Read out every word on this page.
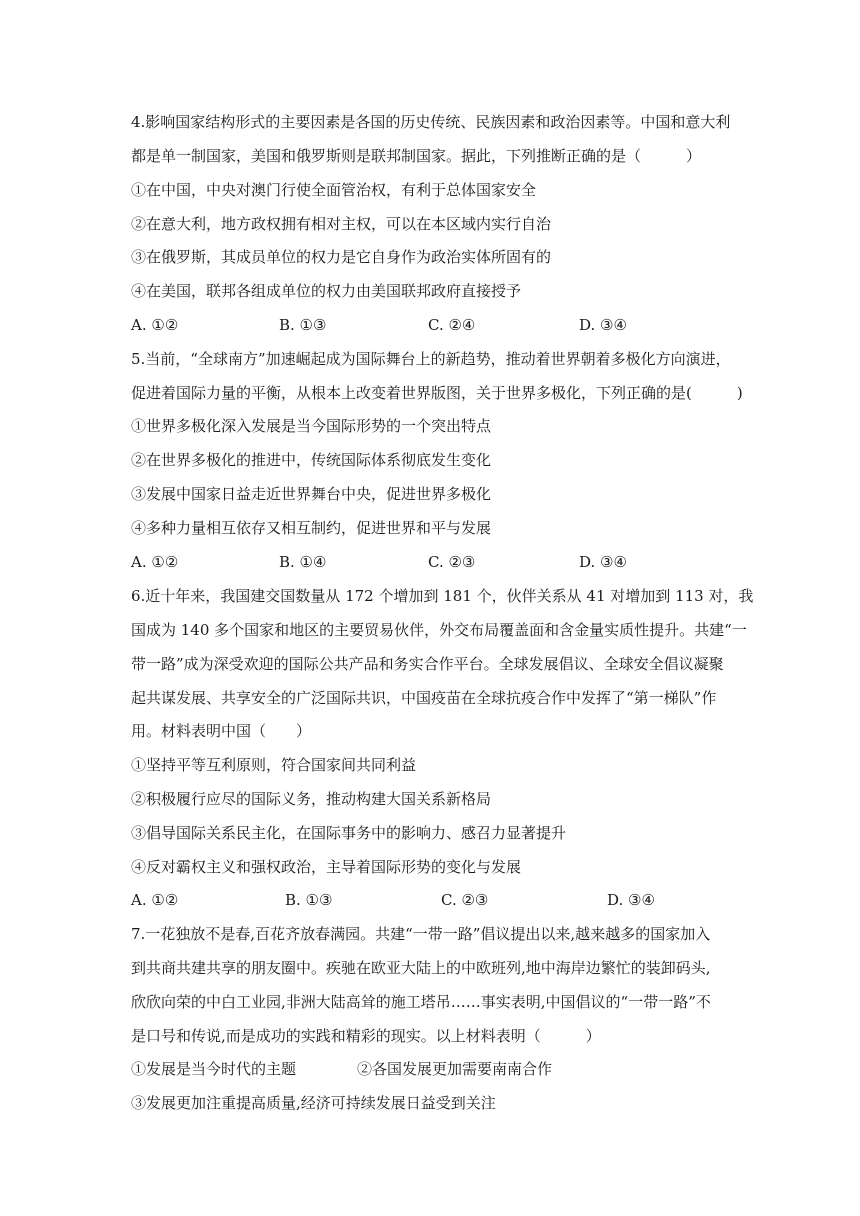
4.影响国家结构形式的主要因素是各国的历史传统、民族因素和政治因素等。中国和意大利
都是单一制国家，美国和俄罗斯则是联邦制国家。据此，下列推断正确的是（　　　）
①在中国，中央对澳门行使全面管治权，有利于总体国家安全
②在意大利，地方政权拥有相对主权，可以在本区域内实行自治
③在俄罗斯，其成员单位的权力是它自身作为政治实体所固有的
④在美国，联邦各组成单位的权力由美国联邦政府直接授予
A. ①②	B. ①③	C. ②④	D. ③④
5.当前，“全球南方”加速崛起成为国际舞台上的新趋势，推动着世界朝着多极化方向演进，
促进着国际力量的平衡，从根本上改变着世界版图，关于世界多极化，下列正确的是(　　　)
①世界多极化深入发展是当今国际形势的一个突出特点
②在世界多极化的推进中，传统国际体系彻底发生变化
③发展中国家日益走近世界舞台中央，促进世界多极化
④多种力量相互依存又相互制约，促进世界和平与发展
A. ①②	B. ①④	C. ②③	D. ③④
6.近十年来，我国建交国数量从 172 个增加到 181 个，伙伴关系从 41 对增加到 113 对，我
国成为 140 多个国家和地区的主要贸易伙伴，外交布局覆盖面和含金量实质性提升。共建“一
带一路”成为深受欢迎的国际公共产品和务实合作平台。全球发展倡议、全球安全倡议凝聚
起共谋发展、共享安全的广泛国际共识，中国疫苗在全球抗疫合作中发挥了“第一梯队”作
用。材料表明中国（　　）
①坚持平等互利原则，符合国家间共同利益
②积极履行应尽的国际义务，推动构建大国关系新格局
③倡导国际关系民主化，在国际事务中的影响力、感召力显著提升
④反对霸权主义和强权政治，主导着国际形势的变化与发展
A. ①②	B. ①③	C. ②③	D. ③④
7.一花独放不是春,百花齐放春满园。共建“一带一路”倡议提出以来,越来越多的国家加入
到共商共建共享的朋友圈中。疾驰在欧亚大陆上的中欧班列,地中海岸边繁忙的装卸码头,
欣欣向荣的中白工业园,非洲大陆高耸的施工塔吊……事实表明,中国倡议的“一带一路”不
是口号和传说,而是成功的实践和精彩的现实。以上材料表明（　　　）
①发展是当今时代的主题	②各国发展更加需要南南合作
③发展更加注重提高质量,经济可持续发展日益受到关注
